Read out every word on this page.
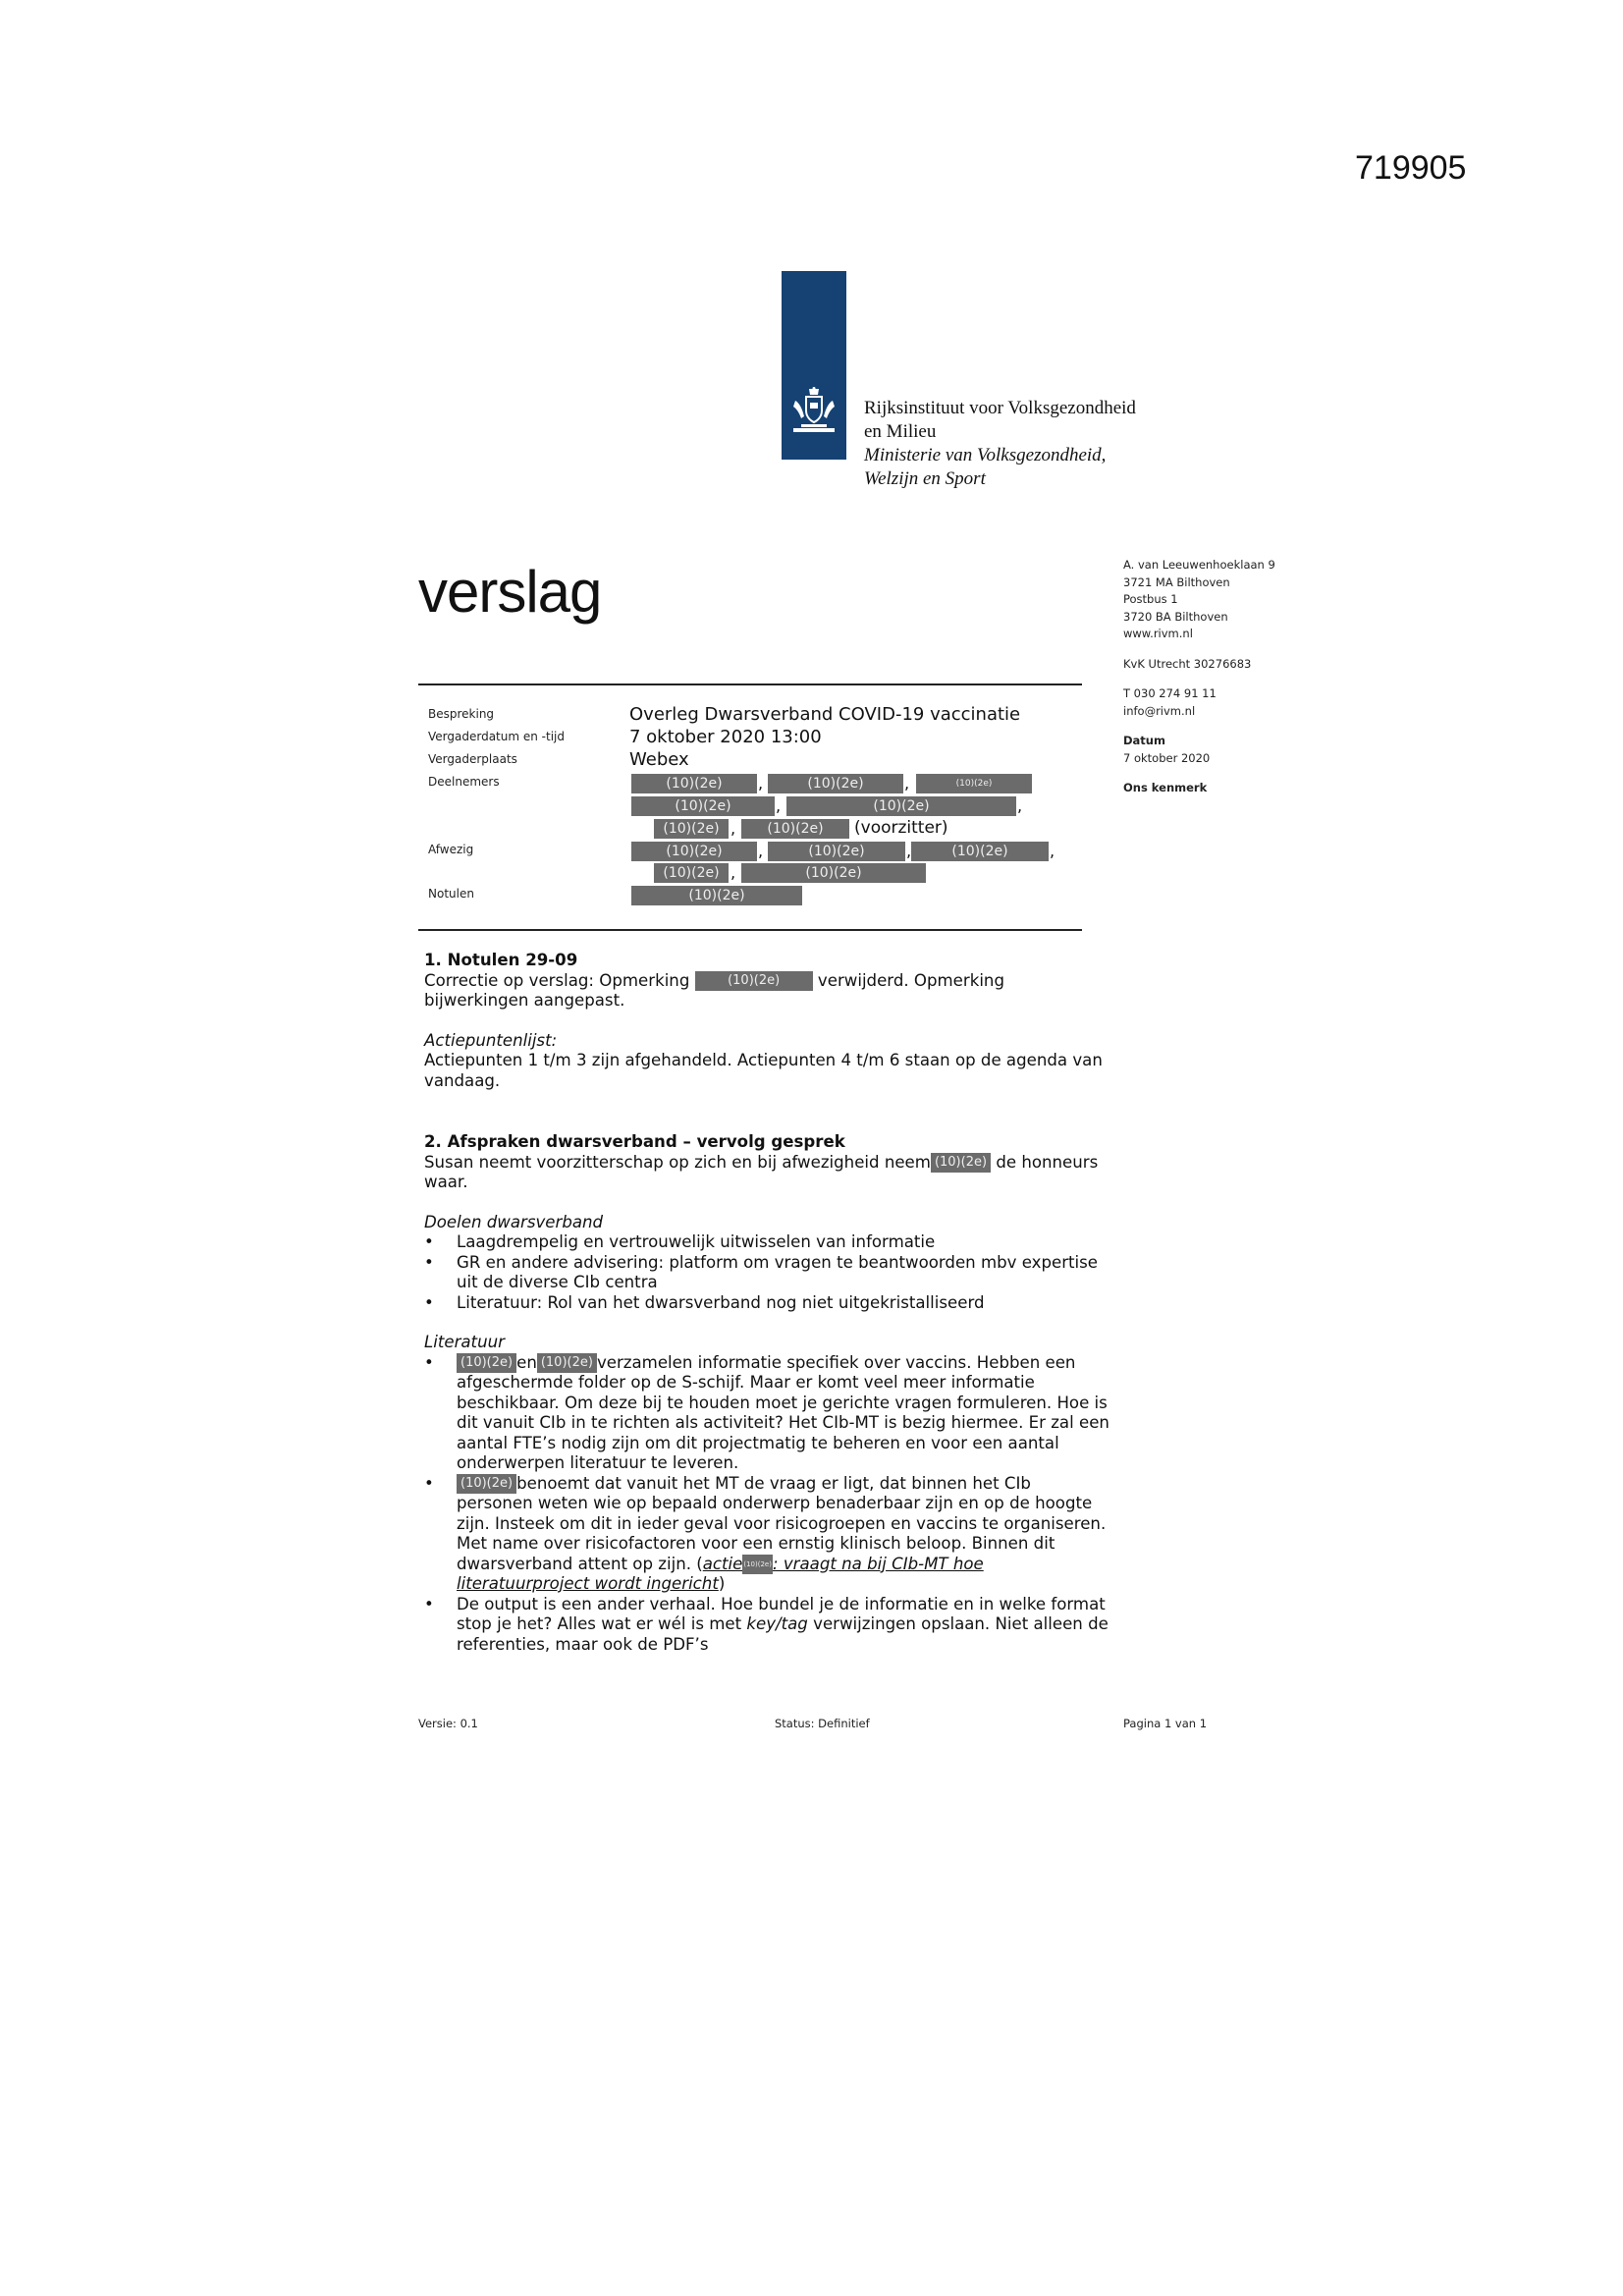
719905
Rijksinstituut voor Volksgezondheid
en Milieu
Ministerie van Volksgezondheid,
Welzijn en Sport
verslag	A. van Leeuwenhoeklaan 9
3721 MA Bilthoven
Postbus 1
3720 BA Bilthoven
www.rivm.nl
KvK Utrecht 30276683
T 030 274 91 11
info@rivm.nl
Datum
7 oktober 2020
Ons kenmerk
Bespreking	Overleg Dwarsverband COVID-19 vaccinatie
Vergaderdatum en -tijd	7 oktober 2020 13:00
Vergaderplaats	Webex
Deelnemers	(10)(2e)	,	(10)(2e)	,	(10)(2e)
(10)(2e)	,	(10)(2e)	,
(10)(2e) ,	(10)(2e)	(voorzitter)
Afwezig	(10)(2e)	,	(10)(2e)	,	(10)(2e)	,
(10)(2e) ,	(10)(2e)
Notulen	(10)(2e)

1. Notulen 29-09

Correctie op verslag: Opmerking	(10)(2e) verwijderd. Opmerking bijwerkingen aangepast.

Actiepuntenlijst:

Actiepunten 1 t/m 3 zijn afgehandeld. Actiepunten 4 t/m 6 staan op de agenda van vandaag.

2. Afspraken dwarsverband – vervolg gesprek

Susan neemt voorzitterschap op zich en bij afwezigheid neem (10)(2e) de honneurs waar.

Doelen dwarsverband

• Laagdrempelig en vertrouwelijk uitwisselen van informatie
• GR en andere advisering: platform om vragen te beantwoorden mbv expertise uit de diverse CIb centra
• Literatuur: Rol van het dwarsverband nog niet uitgekristalliseerd

Literatuur

• (10)(2e) en (10)(2e) verzamelen informatie specifiek over vaccins. Hebben een afgeschermde folder op de S-schijf. Maar er komt veel meer informatie beschikbaar. Om deze bij te houden moet je gerichte vragen formuleren. Hoe is dit vanuit CIb in te richten als activiteit? Het CIb-MT is bezig hiermee. Er zal een aantal FTE’s nodig zijn om dit projectmatig te beheren en voor een aantal onderwerpen literatuur te leveren.
• (10)(2e) benoemt dat vanuit het MT de vraag er ligt, dat binnen het CIb personen weten wie op bepaald onderwerp benaderbaar zijn en op de hoogte zijn. Insteek om dit in ieder geval voor risicogroepen en vaccins te organiseren. Met name over risicofactoren voor een ernstig klinisch beloop. Binnen dit dwarsverband attent op zijn. (actie(10)(2e): vraagt na bij CIb-MT hoe literatuurproject wordt ingericht)
• De output is een ander verhaal. Hoe bundel je de informatie en in welke format stop je het? Alles wat er wél is met key/tag verwijzingen opslaan. Niet alleen de referenties, maar ook de PDF’s
Versie: 0.1	Status: Definitief	Pagina 1 van 1
